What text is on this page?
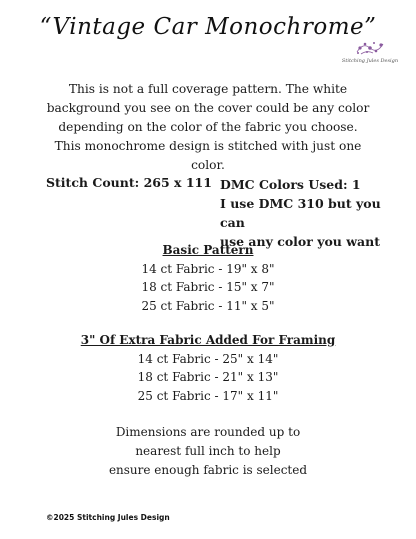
“Vintage Car Monochrome”
Stitching Jules Design
This is not a full coverage pattern. The white background you see on the cover could be any color depending on the color of the fabric you choose. This monochrome design is stitched with just one color.
Stitch Count: 265 x 111 DMC Colors Used: 1
I use DMC 310 but you can
use any color you want
Basic Pattern
14 ct Fabric - 19" x 8"
18 ct Fabric - 15" x 7"
25 ct Fabric - 11" x 5"
3" Of Extra Fabric Added For Framing
14 ct Fabric - 25" x 14"
18 ct Fabric - 21" x 13"
25 ct Fabric - 17" x 11"
Dimensions are rounded up to
nearest full inch to help
ensure enough fabric is selected
©2025 Stitching Jules Design
